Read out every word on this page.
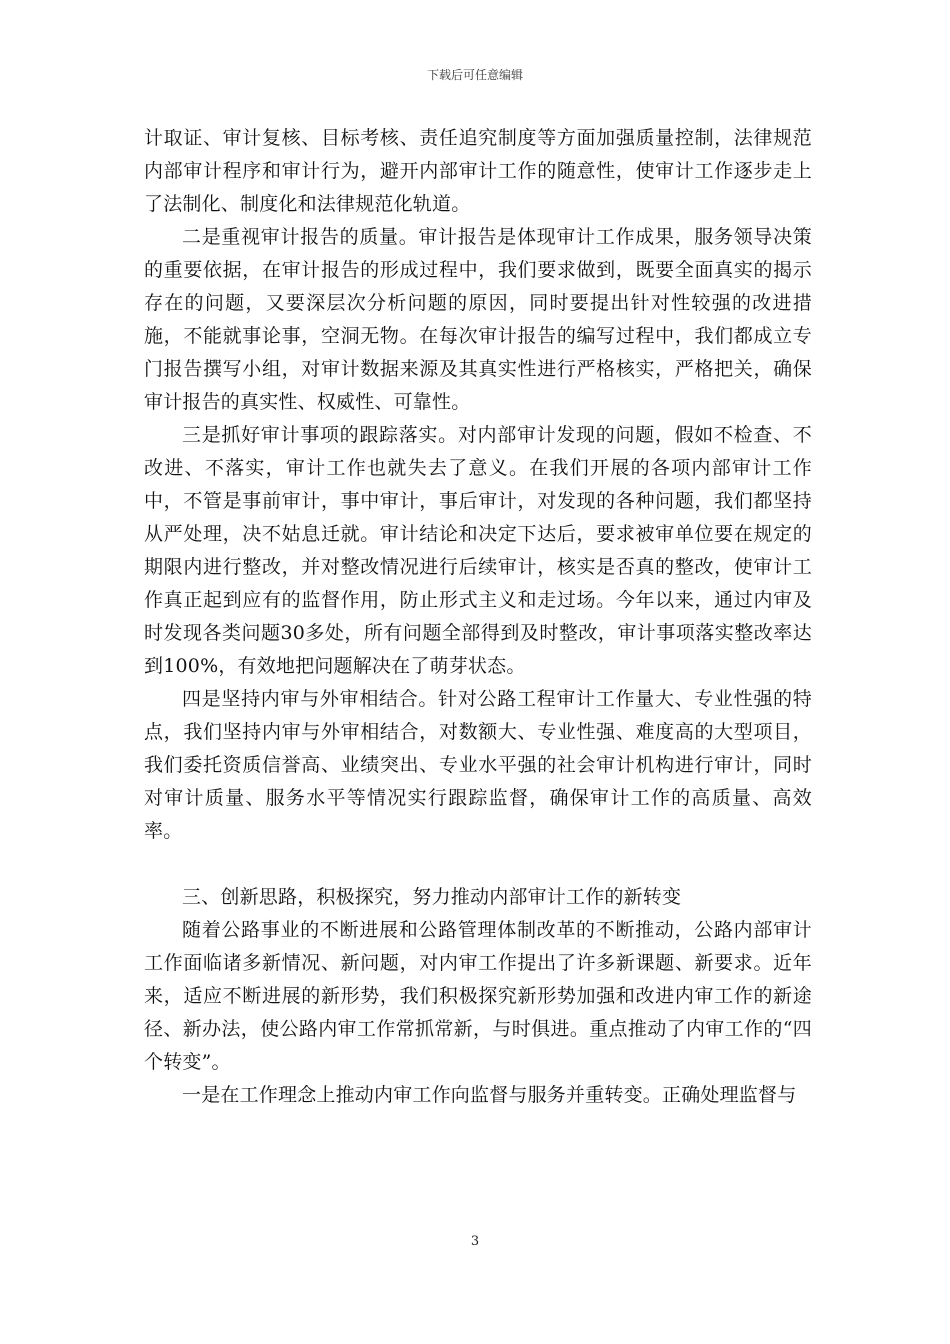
下载后可任意编辑

计取证、审计复核、目标考核、责任追究制度等方面加强质量控制，法律规范内部审计程序和审计行为，避开内部审计工作的随意性，使审计工作逐步走上了法制化、制度化和法律规范化轨道。

二是重视审计报告的质量。审计报告是体现审计工作成果，服务领导决策的重要依据，在审计报告的形成过程中，我们要求做到，既要全面真实的揭示存在的问题，又要深层次分析问题的原因，同时要提出针对性较强的改进措施，不能就事论事，空洞无物。在每次审计报告的编写过程中，我们都成立专门报告撰写小组，对审计数据来源及其真实性进行严格核实，严格把关，确保审计报告的真实性、权威性、可靠性。

三是抓好审计事项的跟踪落实。对内部审计发现的问题，假如不检查、不改进、不落实，审计工作也就失去了意义。在我们开展的各项内部审计工作中，不管是事前审计，事中审计，事后审计，对发现的各种问题，我们都坚持从严处理，决不姑息迁就。审计结论和决定下达后，要求被审单位要在规定的期限内进行整改，并对整改情况进行后续审计，核实是否真的整改，使审计工作真正起到应有的监督作用，防止形式主义和走过场。今年以来，通过内审及时发现各类问题30多处，所有问题全部得到及时整改，审计事项落实整改率达到100%，有效地把问题解决在了萌芽状态。

四是坚持内审与外审相结合。针对公路工程审计工作量大、专业性强的特点，我们坚持内审与外审相结合，对数额大、专业性强、难度高的大型项目，我们委托资质信誉高、业绩突出、专业水平强的社会审计机构进行审计，同时对审计质量、服务水平等情况实行跟踪监督，确保审计工作的高质量、高效率。

三、创新思路，积极探究，努力推动内部审计工作的新转变

随着公路事业的不断进展和公路管理体制改革的不断推动，公路内部审计工作面临诸多新情况、新问题，对内审工作提出了许多新课题、新要求。近年来，适应不断进展的新形势，我们积极探究新形势加强和改进内审工作的新途径、新办法，使公路内审工作常抓常新，与时俱进。重点推动了内审工作的“四个转变”。

一是在工作理念上推动内审工作向监督与服务并重转变。正确处理监督与

3
